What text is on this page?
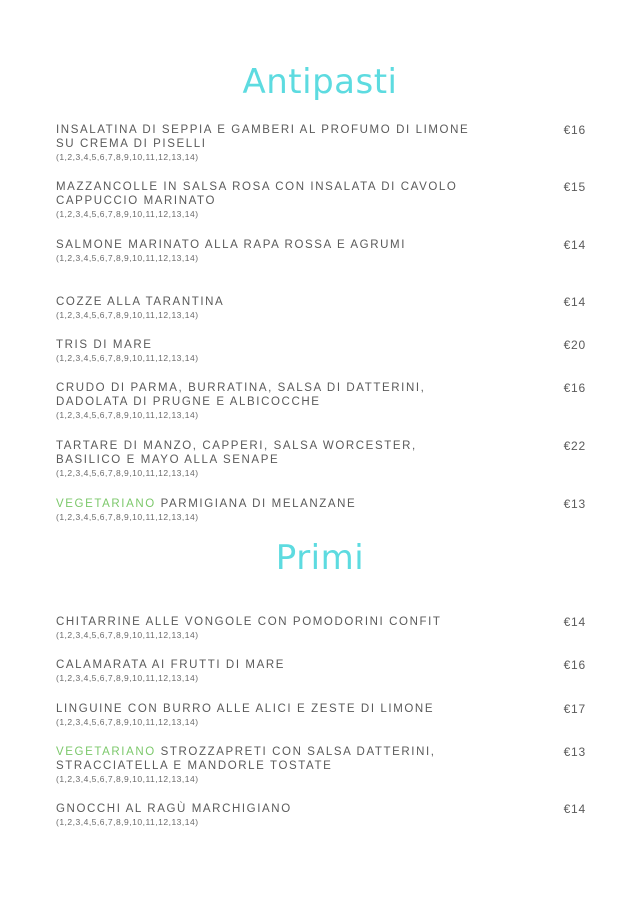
Antipasti
INSALATINA DI SEPPIA E GAMBERI AL PROFUMO DI LIMONE SU CREMA DI PISELLI
(1,2,3,4,5,6,7,8,9,10,11,12,13,14)
€16
MAZZANCOLLE IN SALSA ROSA CON INSALATA DI CAVOLO CAPPUCCIO MARINATO
(1,2,3,4,5,6,7,8,9,10,11,12,13,14)
€15
SALMONE MARINATO ALLA RAPA ROSSA E AGRUMI
(1,2,3,4,5,6,7,8,9,10,11,12,13,14)
€14
COZZE ALLA TARANTINA
(1,2,3,4,5,6,7,8,9,10,11,12,13,14)
€14
TRIS DI MARE
(1,2,3,4,5,6,7,8,9,10,11,12,13,14)
€20
CRUDO DI PARMA, BURRATINA, SALSA DI DATTERINI, DADOLATA DI PRUGNE E ALBICOCCHE
(1,2,3,4,5,6,7,8,9,10,11,12,13,14)
€16
TARTARE DI MANZO, CAPPERI, SALSA WORCESTER, BASILICO E MAYO ALLA SENAPE
(1,2,3,4,5,6,7,8,9,10,11,12,13,14)
€22
VEGETARIANO PARMIGIANA DI MELANZANE
(1,2,3,4,5,6,7,8,9,10,11,12,13,14)
€13
Primi
CHITARRINE ALLE VONGOLE CON POMODORINI CONFIT
(1,2,3,4,5,6,7,8,9,10,11,12,13,14)
€14
CALAMARATA AI FRUTTI DI MARE
(1,2,3,4,5,6,7,8,9,10,11,12,13,14)
€16
LINGUINE CON BURRO ALLE ALICI E ZESTE DI LIMONE
(1,2,3,4,5,6,7,8,9,10,11,12,13,14)
€17
VEGETARIANO STROZZAPRETI CON SALSA DATTERINI, STRACCIATELLA E MANDORLE TOSTATE
(1,2,3,4,5,6,7,8,9,10,11,12,13,14)
€13
GNOCCHI AL RAGÙ MARCHIGIANO
(1,2,3,4,5,6,7,8,9,10,11,12,13,14)
€14
